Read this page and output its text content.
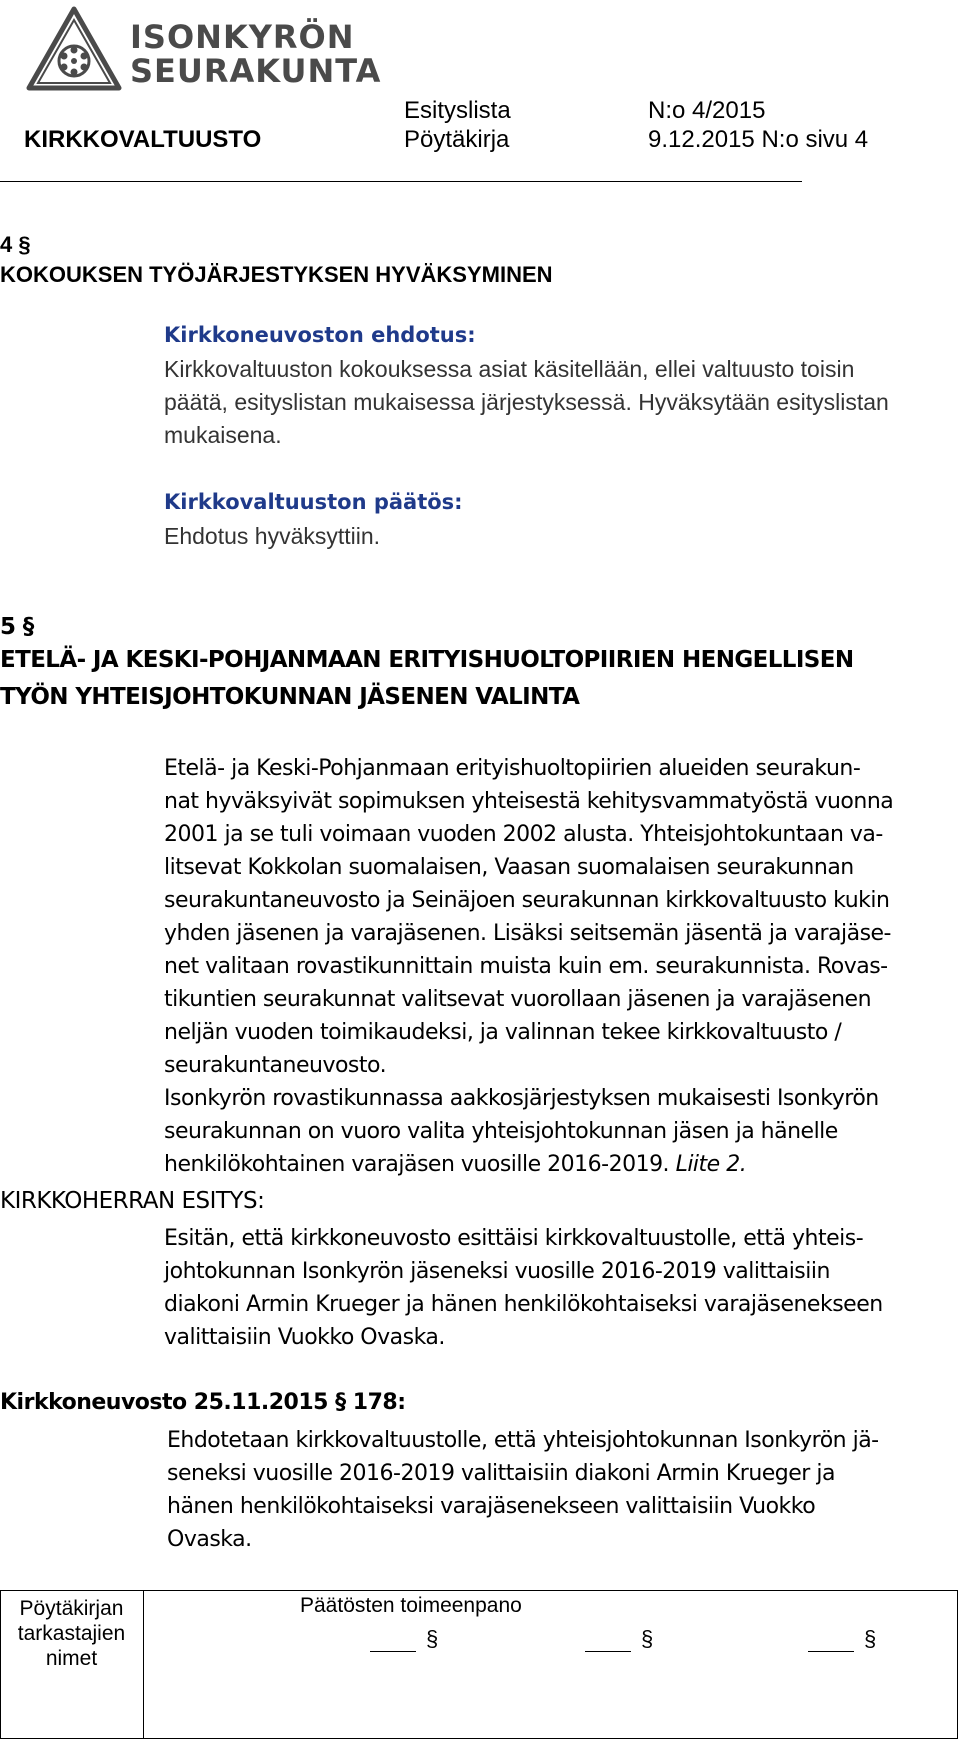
ISONKYRÖN
SEURAKUNTA
Esityslista	N:o 4/2015
KIRKKOVALTUUSTO	Pöytäkirja	9.12.2015 N:o sivu 4
4 §
KOKOUKSEN TYÖJÄRJESTYKSEN HYVÄKSYMINEN
Kirkkoneuvoston ehdotus:
Kirkkovaltuuston kokouksessa asiat käsitellään, ellei valtuusto toisin
päätä, esityslistan mukaisessa järjestyksessä. Hyväksytään esityslistan
mukaisena.
Kirkkovaltuuston päätös:
Ehdotus hyväksyttiin.
5 §
ETELÄ- JA KESKI-POHJANMAAN ERITYISHUOLTOPIIRIEN HENGELLISEN
TYÖN YHTEISJOHTOKUNNAN JÄSENEN VALINTA
Etelä- ja Keski-Pohjanmaan erityishuoltopiirien alueiden seurakun-
nat hyväksyivät sopimuksen yhteisestä kehitysvammatyöstä vuonna
2001 ja se tuli voimaan vuoden 2002 alusta. Yhteisjohtokuntaan va-
litsevat Kokkolan suomalaisen, Vaasan suomalaisen seurakunnan
seurakuntaneuvosto ja Seinäjoen seurakunnan kirkkovaltuusto kukin
yhden jäsenen ja varajäsenen. Lisäksi seitsemän jäsentä ja varajäse-
net valitaan rovastikunnittain muista kuin em. seurakunnista. Rovas-
tikuntien seurakunnat valitsevat vuorollaan jäsenen ja varajäsenen
neljän vuoden toimikaudeksi, ja valinnan tekee kirkkovaltuusto /
seurakuntaneuvosto.
Isonkyrön rovastikunnassa aakkosjärjestyksen mukaisesti Isonkyrön
seurakunnan on vuoro valita yhteisjohtokunnan jäsen ja hänelle
henkilökohtainen varajäsen vuosille 2016-2019. Liite 2.
KIRKKOHERRAN ESITYS:
Esitän, että kirkkoneuvosto esittäisi kirkkovaltuustolle, että yhteis-
johtokunnan Isonkyrön jäseneksi vuosille 2016-2019 valittaisiin
diakoni Armin Krueger ja hänen henkilökohtaiseksi varajäsenekseen
valittaisiin Vuokko Ovaska.
Kirkkoneuvosto 25.11.2015 § 178:
Ehdotetaan kirkkovaltuustolle, että yhteisjohtokunnan Isonkyrön jä-
seneksi vuosille 2016-2019 valittaisiin diakoni Armin Krueger ja
hänen henkilökohtaiseksi varajäsenekseen valittaisiin Vuokko
Ovaska.
Pöytäkirjan
tarkastajien
nimet
Päätösten toimeenpano
§	§	§
